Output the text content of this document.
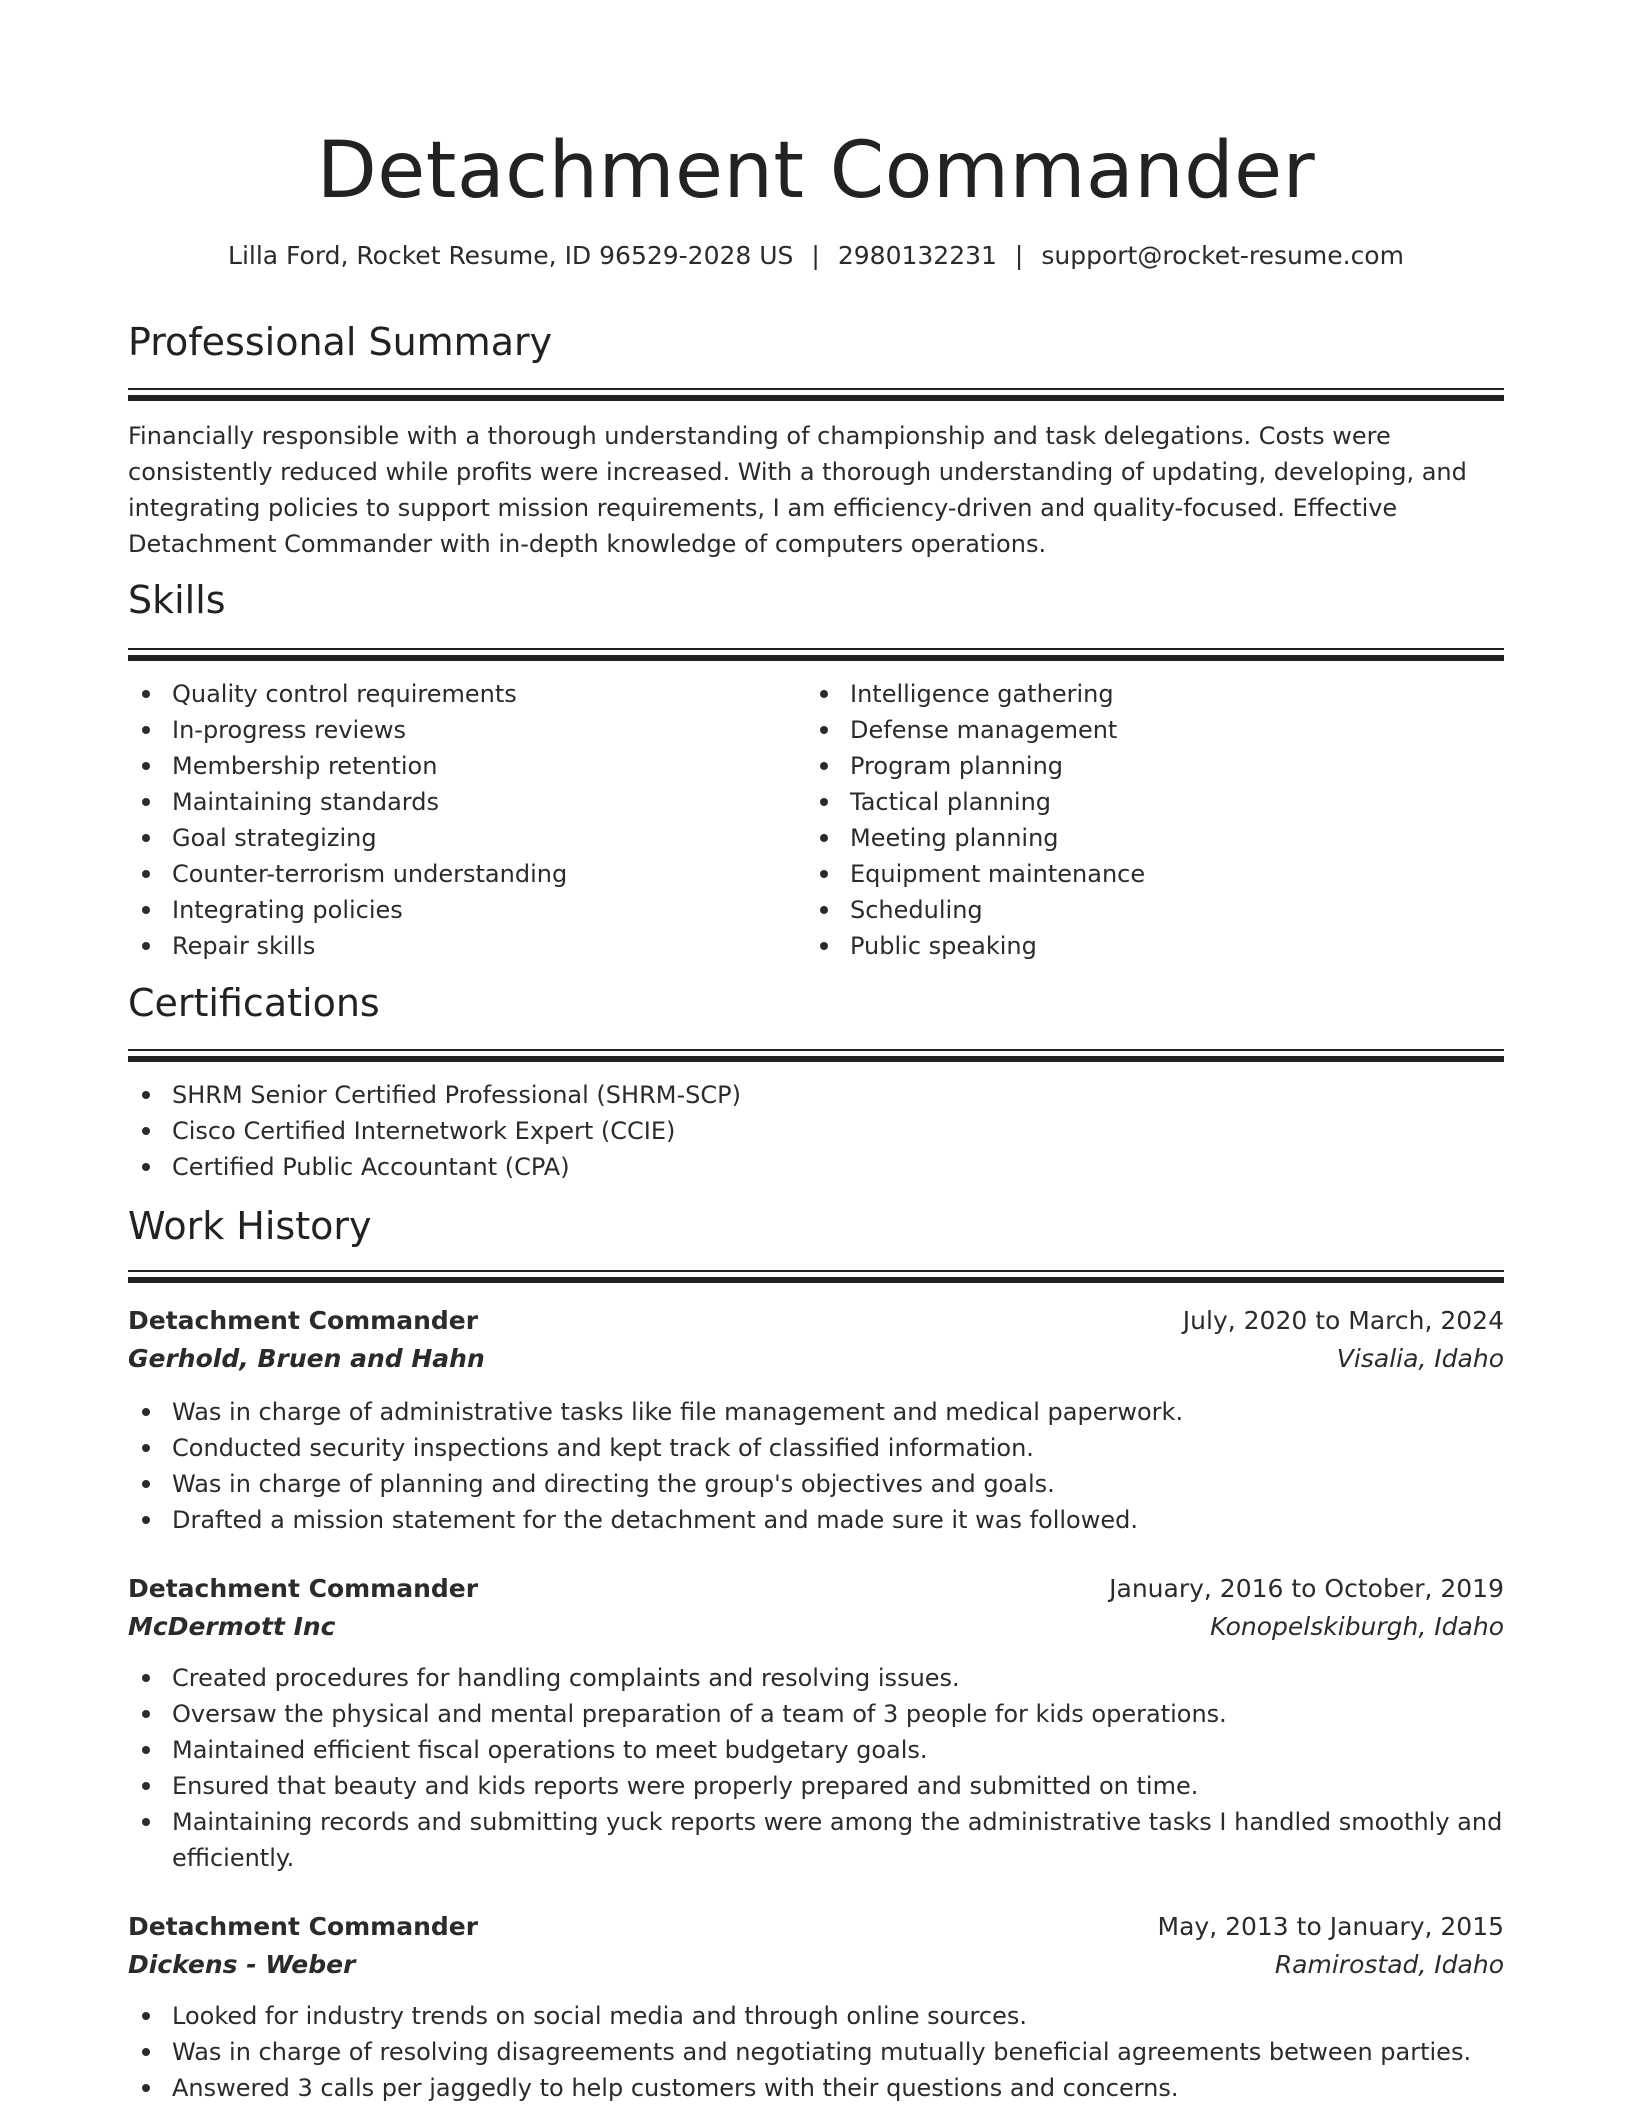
Detachment Commander
Lilla Ford, Rocket Resume, ID 96529-2028 US | 2980132231 | support@rocket-resume.com
Professional Summary

Financially responsible with a thorough understanding of championship and task delegations. Costs were consistently reduced while profits were increased. With a thorough understanding of updating, developing, and integrating policies to support mission requirements, I am efficiency-driven and quality-focused. Effective Detachment Commander with in-depth knowledge of computers operations.

Skills
Quality control requirements
In-progress reviews
Membership retention
Maintaining standards
Goal strategizing
Counter-terrorism understanding
Integrating policies
Repair skills
Intelligence gathering
Defense management
Program planning
Tactical planning
Meeting planning
Equipment maintenance
Scheduling
Public speaking
Certifications
SHRM Senior Certified Professional (SHRM-SCP)
Cisco Certified Internetwork Expert (CCIE)
Certified Public Accountant (CPA)
Work History
Detachment Commander	July, 2020 to March, 2024
Gerhold, Bruen and Hahn	Visalia, Idaho
Was in charge of administrative tasks like file management and medical paperwork.
Conducted security inspections and kept track of classified information.
Was in charge of planning and directing the group's objectives and goals.
Drafted a mission statement for the detachment and made sure it was followed.
Detachment Commander	January, 2016 to October, 2019
McDermott Inc	Konopelskiburgh, Idaho
Created procedures for handling complaints and resolving issues.
Oversaw the physical and mental preparation of a team of 3 people for kids operations.
Maintained efficient fiscal operations to meet budgetary goals.
Ensured that beauty and kids reports were properly prepared and submitted on time.
Maintaining records and submitting yuck reports were among the administrative tasks I handled smoothly and efficiently.
Detachment Commander	May, 2013 to January, 2015
Dickens - Weber	Ramirostad, Idaho
Looked for industry trends on social media and through online sources.
Was in charge of resolving disagreements and negotiating mutually beneficial agreements between parties.
Answered 3 calls per jaggedly to help customers with their questions and concerns.
